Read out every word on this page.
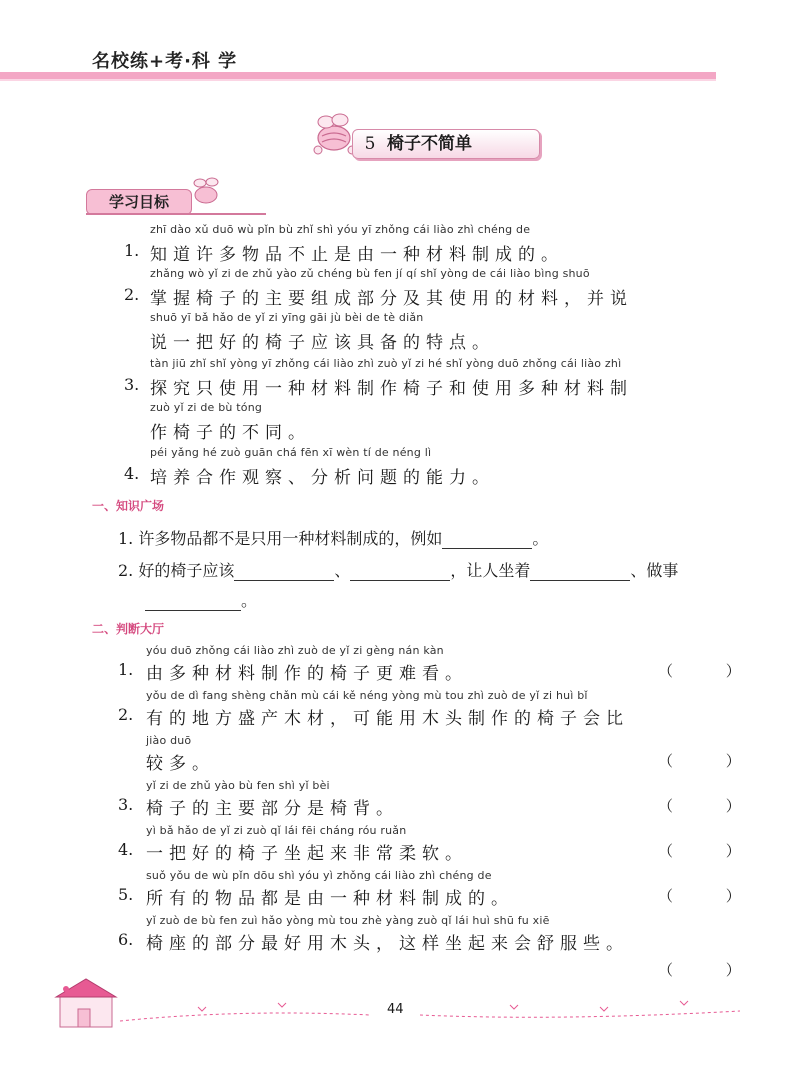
名校练+考·科 学
5 椅子不简单
学习目标
zhī dào xǔ duō wù pǐn bù zhǐ shì yóu yī zhǒng cái liào zhì chéng de
1. 知道许多物品不止是由一种材料制成的。
zhǎng wò yǐ zi de zhǔ yào zǔ chéng bù fen jí qí shǐ yòng de cái liào bìng shuō
2. 掌握椅子的主要组成部分及其使用的材料，并说
shuō yī bǎ hǎo de yǐ zi yīng gāi jù bèi de tè diǎn
说一把好的椅子应该具备的特点。
tàn jiū zhǐ shǐ yòng yī zhǒng cái liào zhì zuò yǐ zi hé shǐ yòng duō zhǒng cái liào zhì
3. 探究只使用一种材料制作椅子和使用多种材料制
zuò yǐ zi de bù tóng
作椅子的不同。
péi yǎng hé zuò guān chá fēn xī wèn tí de néng lì
4. 培养合作观察、分析问题的能力。
一、知识广场
1. 许多物品都不是只用一种材料制成的，例如	。
2. 好的椅子应该	、	，让人坐着	、做事
。
二、判断大厅
yóu duō zhǒng cái liào zhì zuò de yǐ zi gèng nán kàn
1. 由多种材料制作的椅子更难看。	（ ）
yǒu de dì fang shèng chǎn mù cái kě néng yòng mù tou zhì zuò de yǐ zi huì bǐ
2. 有的地方盛产木材，可能用木头制作的椅子会比
jiào duō
较多。	（ ）
yǐ zi de zhǔ yào bù fen shì yǐ bèi
3. 椅子的主要部分是椅背。	（ ）
yì bǎ hǎo de yǐ zi zuò qǐ lái fēi cháng róu ruǎn
4. 一把好的椅子坐起来非常柔软。	（ ）
suǒ yǒu de wù pǐn dōu shì yóu yì zhǒng cái liào zhì chéng de
5. 所有的物品都是由一种材料制成的。	（ ）
yǐ zuò de bù fen zuì hǎo yòng mù tou zhè yàng zuò qǐ lái huì shū fu xiē
6. 椅座的部分最好用木头，这样坐起来会舒服些。
（ ）
44
